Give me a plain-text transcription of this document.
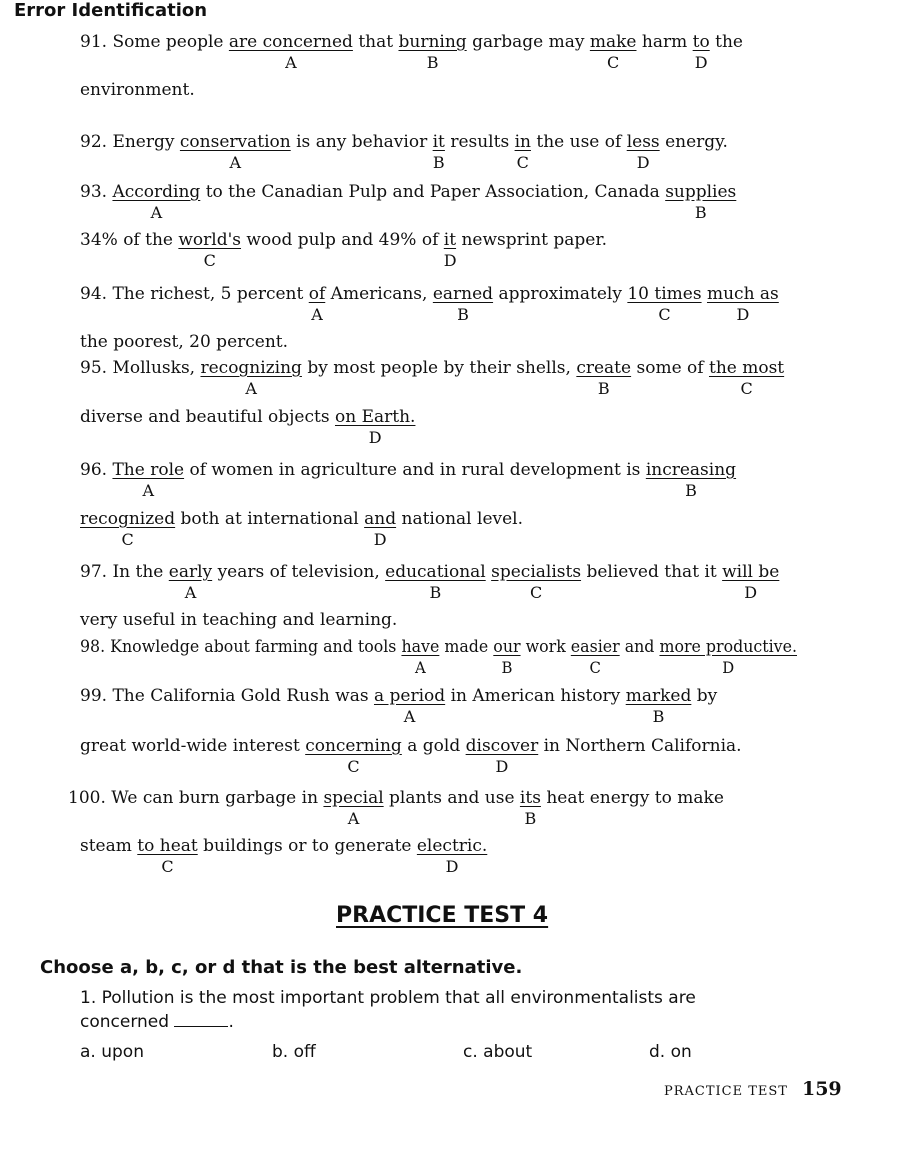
Error Identification
91. Some people are concerned
A
that burning
B
garbage may make
C
harm to
D
the
environment.
92. Energy conservation
A
is any behavior it
B
results in
C
the use of less
D
energy.
93. According
A
to the Canadian Pulp and Paper Association, Canada supplies
B
34% of the world's
C
wood pulp and 49% of it
D
newsprint paper.
94. The richest, 5 percent of
A
Americans, earned
B
approximately 10 times
C
much as
D
the poorest, 20 percent.
95. Mollusks, recognizing
A
by most people by their shells, create
B
some of the most
C
diverse and beautiful objects on Earth.
D
96. The role
A
of women in agriculture and in rural development is increasing
B
recognized
C
both at international and
D
national level.
97. In the early
A
years of television, educational
B
specialists
C
believed that it will be
D
very useful in teaching and learning.
98. Knowledge about farming and tools have
A
made our
B
work easier
C
and more productive.
D
99. The California Gold Rush was a period
A
in American history marked
B
by
great world-wide interest concerning
C
a gold discover
D
in Northern California.
100. We can burn garbage in special
A
plants and use its
B
heat energy to make
steam to heat
C
buildings or to generate electric.
D
PRACTICE TEST 4
Choose a, b, c, or d that is the best alternative.
1. Pollution is the most important problem that all environmentalists are
concerned	.
a. upon	b. off	c. about	d. on
PRACTICE TEST 159
